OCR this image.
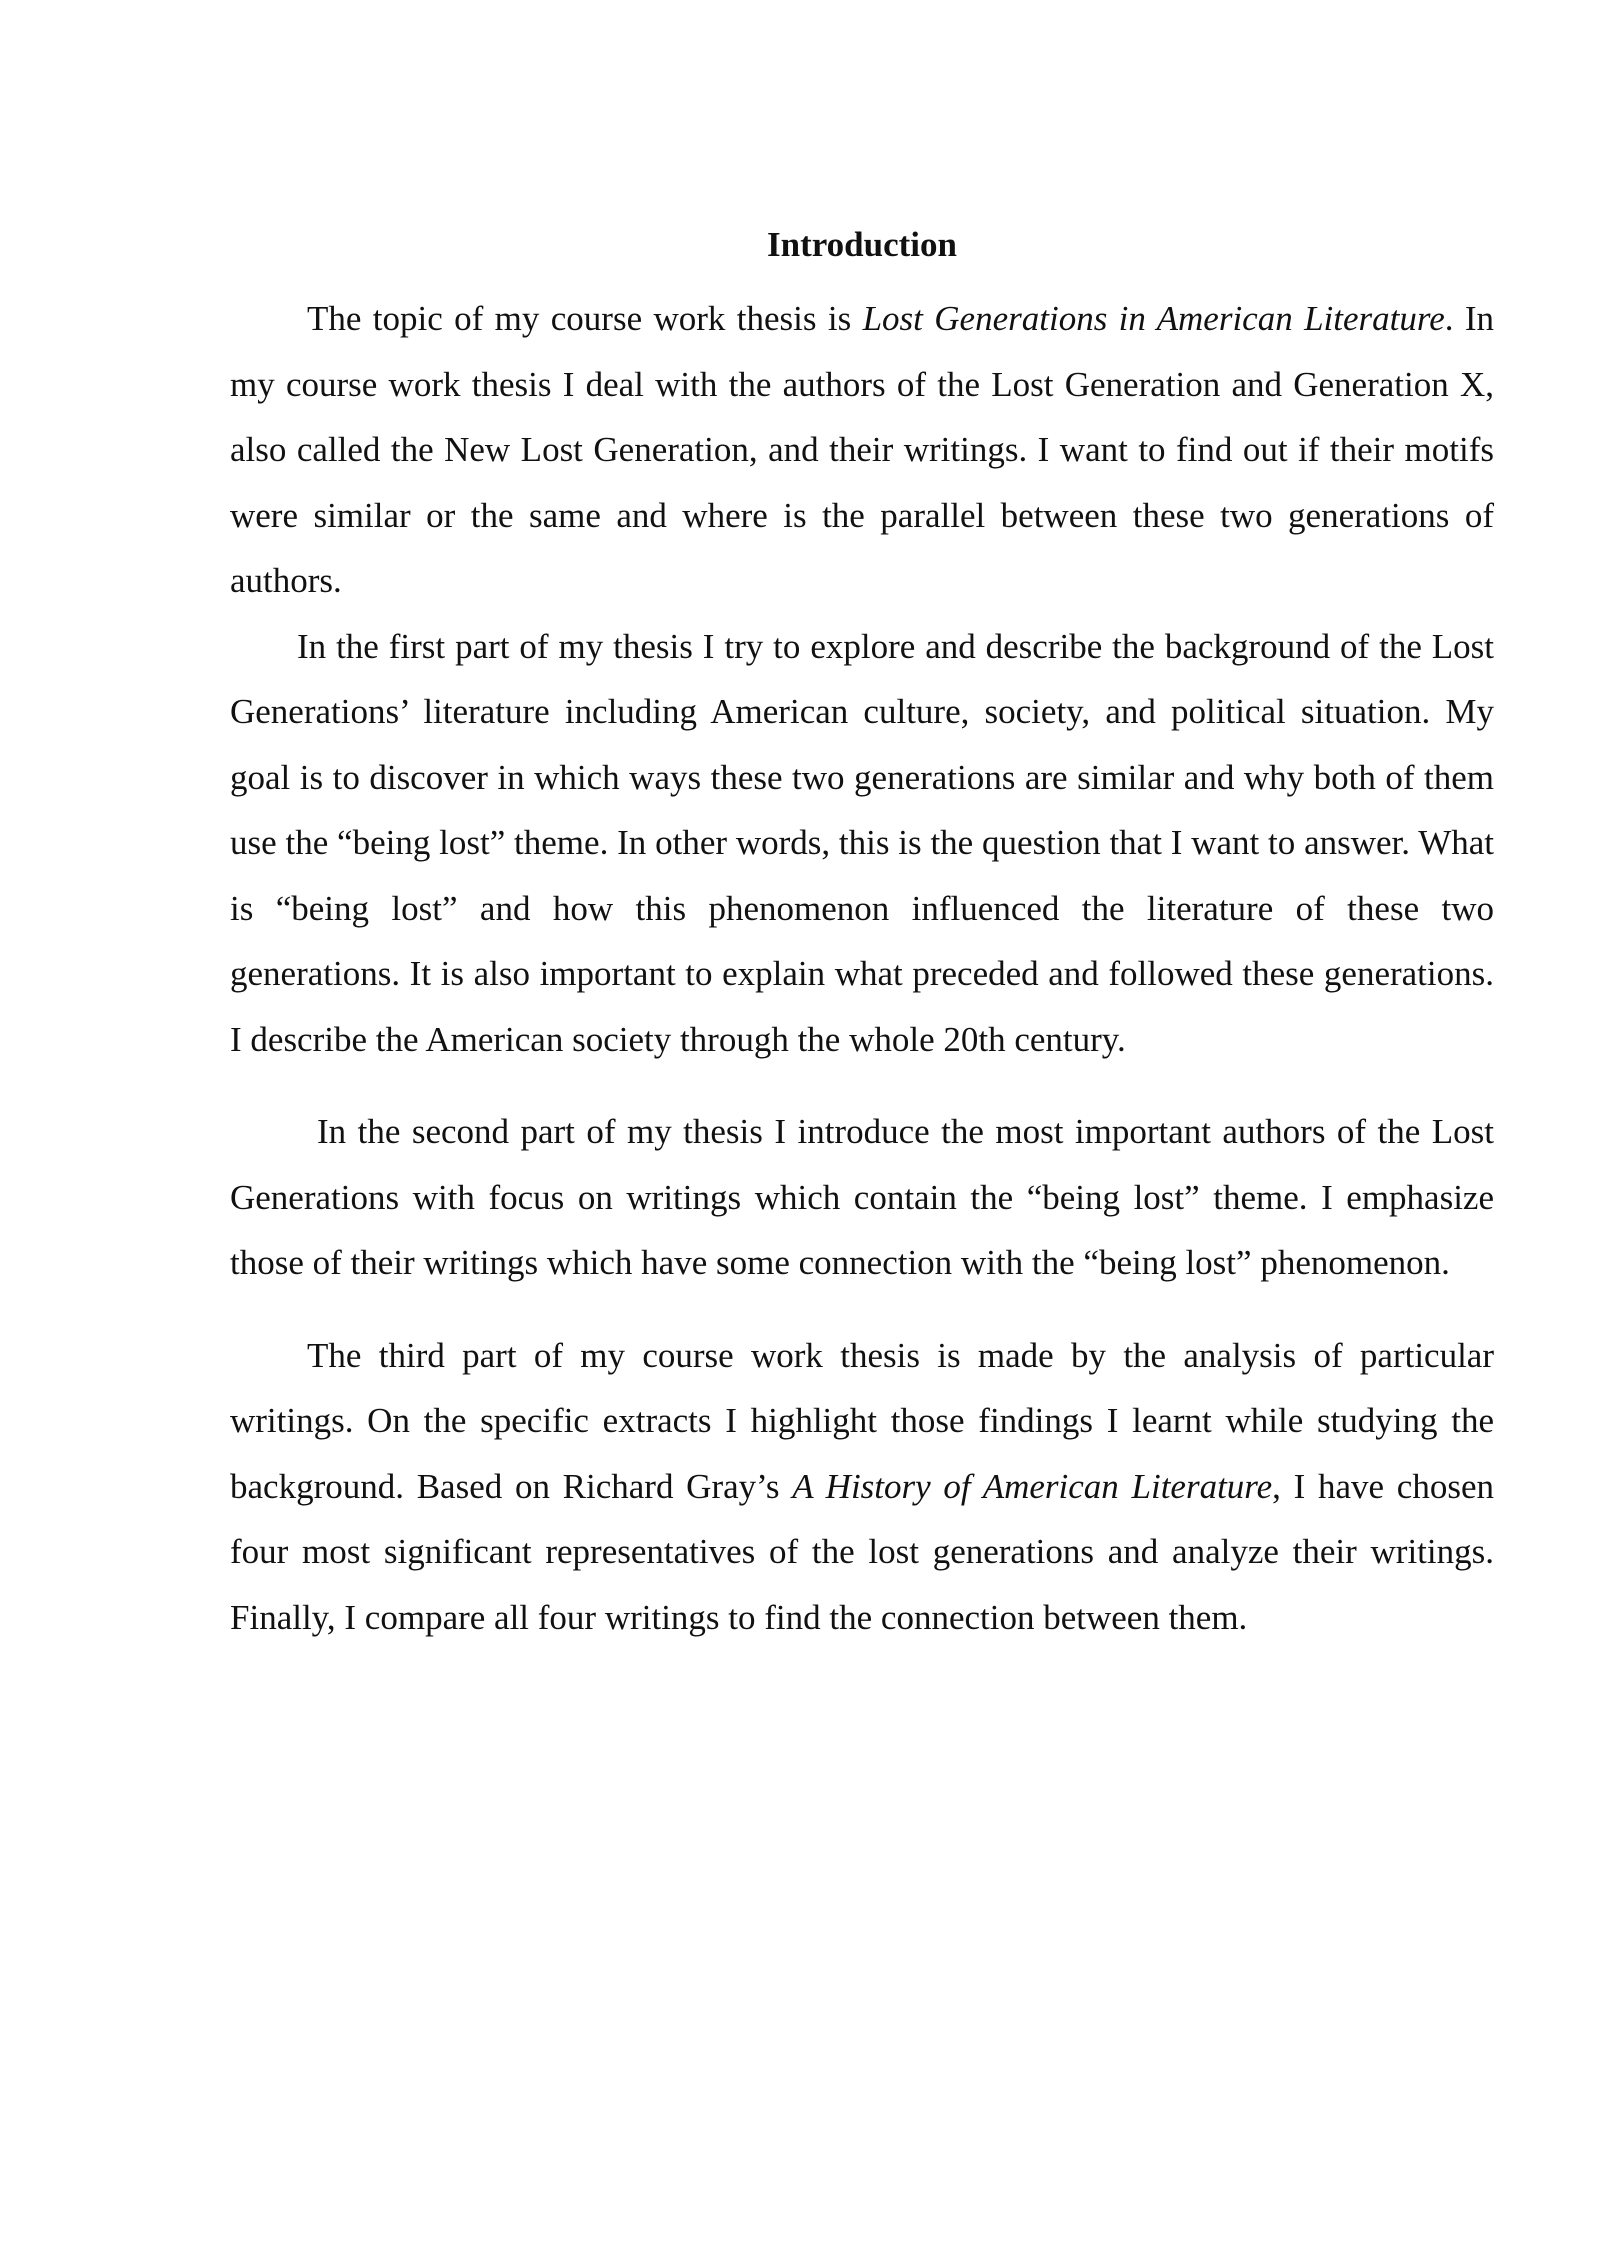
Introduction

The topic of my course work thesis is Lost Generations in American Literature. In my course work thesis I deal with the authors of the Lost Generation and Generation X, also called the New Lost Generation, and their writings. I want to find out if their motifs were similar or the same and where is the parallel between these two generations of authors.

In the first part of my thesis I try to explore and describe the background of the Lost Generations’ literature including American culture, society, and political situation. My goal is to discover in which ways these two generations are similar and why both of them use the “being lost” theme. In other words, this is the question that I want to answer. What is “being lost” and how this phenomenon influenced the literature of these two generations. It is also important to explain what preceded and followed these generations. I describe the American society through the whole 20th century.

In the second part of my thesis I introduce the most important authors of the Lost Generations with focus on writings which contain the “being lost” theme. I emphasize those of their writings which have some connection with the “being lost” phenomenon.

The third part of my course work thesis is made by the analysis of particular writings. On the specific extracts I highlight those findings I learnt while studying the background. Based on Richard Gray’s A History of American Literature, I have chosen four most significant representatives of the lost generations and analyze their writings. Finally, I compare all four writings to find the connection between them.
